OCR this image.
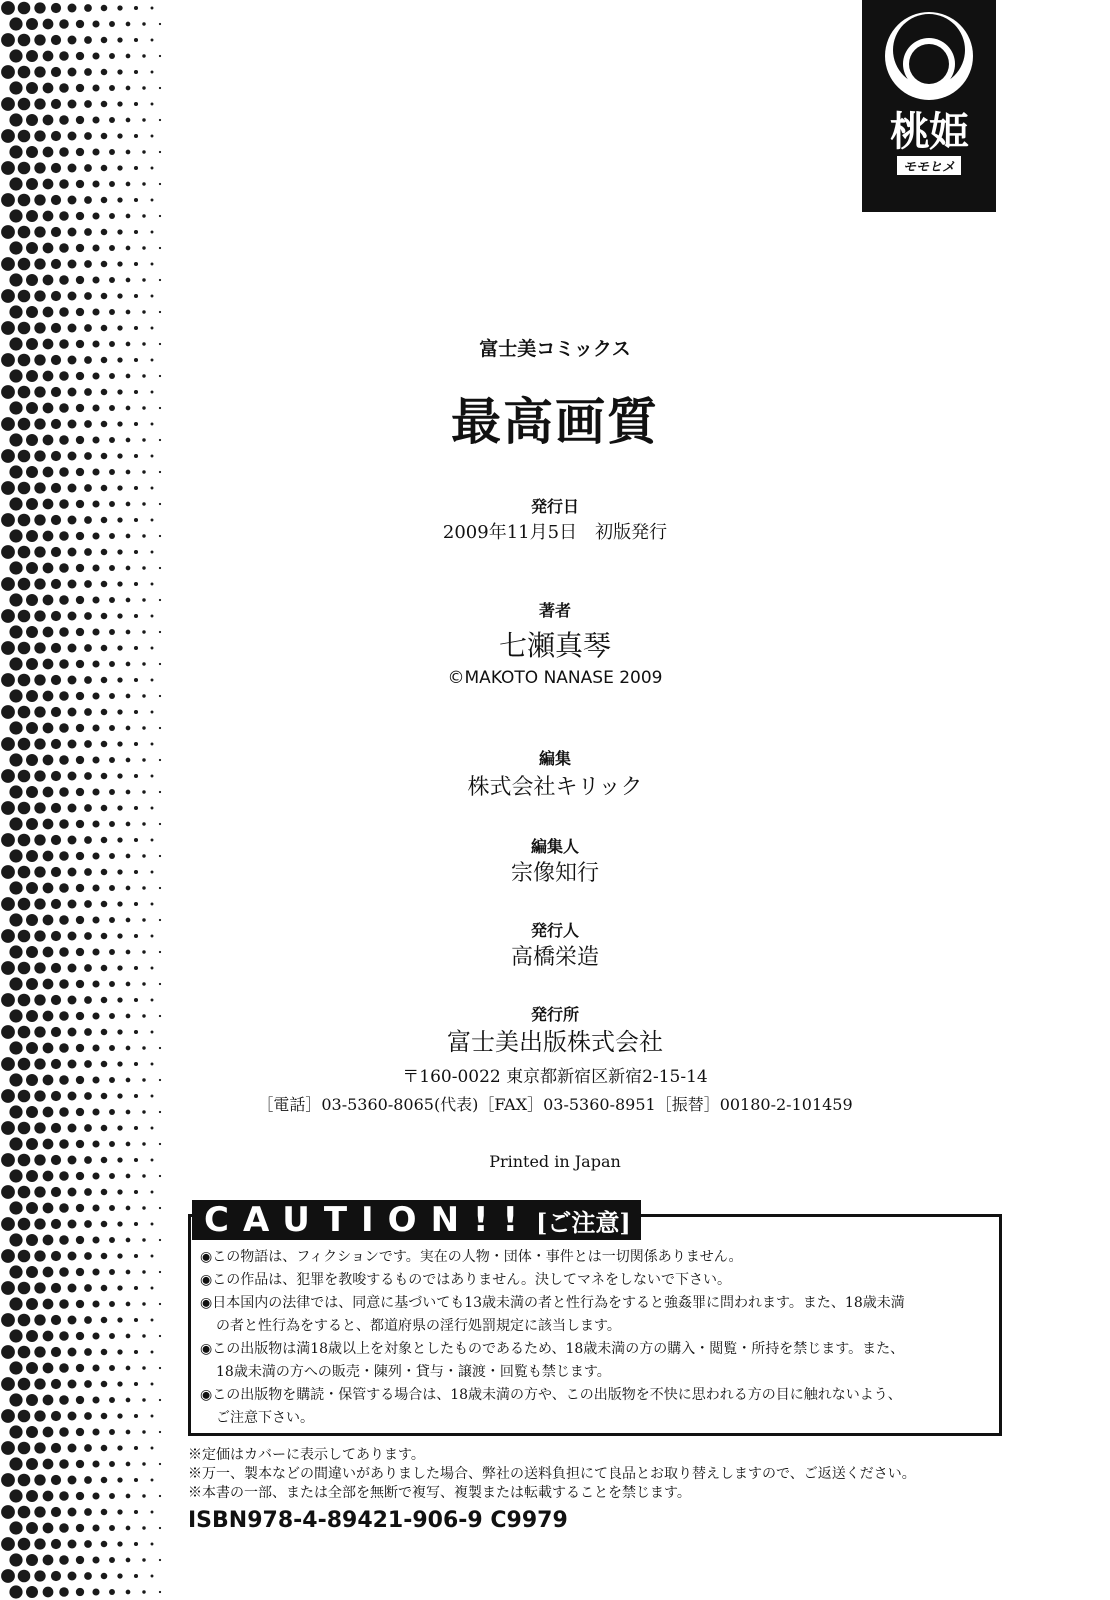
桃姫
モモヒメ
富士美コミックス
最高画質
発行日
2009年11月5日　初版発行
著者
七瀬真琴
©MAKOTO NANASE 2009
編集
株式会社キリック
編集人
宗像知行
発行人
高橋栄造
発行所
富士美出版株式会社
〒160-0022 東京都新宿区新宿2-15-14
［電話］03-5360-8065(代表)［FAX］03-5360-8951［振替］00180-2-101459
Printed in Japan
CAUTION!! [ご注意]
◉この物語は、フィクションです。実在の人物・団体・事件とは一切関係ありません。
◉この作品は、犯罪を教唆するものではありません。決してマネをしないで下さい。
◉日本国内の法律では、同意に基づいても13歳未満の者と性行為をすると強姦罪に問われます。また、18歳未満
の者と性行為をすると、都道府県の淫行処罰規定に該当します。
◉この出版物は満18歳以上を対象としたものであるため、18歳未満の方の購入・閲覧・所持を禁じます。また、
18歳未満の方への販売・陳列・貸与・譲渡・回覧も禁じます。
◉この出版物を購読・保管する場合は、18歳未満の方や、この出版物を不快に思われる方の目に触れないよう、
ご注意下さい。
※定価はカバーに表示してあります。
※万一、製本などの間違いがありました場合、弊社の送料負担にて良品とお取り替えしますので、ご返送ください。
※本書の一部、または全部を無断で複写、複製または転載することを禁じます。
ISBN978-4-89421-906-9 C9979
